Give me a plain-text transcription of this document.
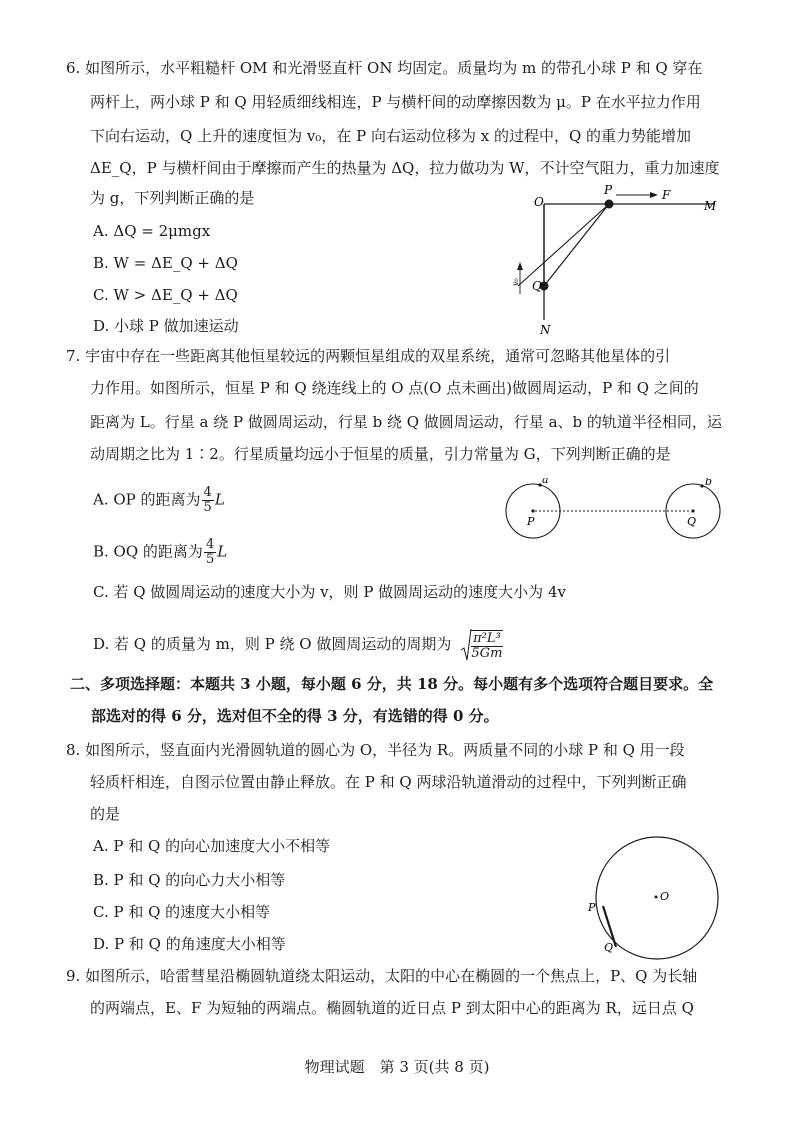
6. 如图所示，水平粗糙杆 OM 和光滑竖直杆 ON 均固定。质量均为 m 的带孔小球 P 和 Q 穿在
两杆上，两小球 P 和 Q 用轻质细线相连，P 与横杆间的动摩擦因数为 μ。P 在水平拉力作用
下向右运动，Q 上升的速度恒为 v₀，在 P 向右运动位移为 x 的过程中，Q 的重力势能增加
ΔE_Q，P 与横杆间由于摩擦而产生的热量为 ΔQ，拉力做功为 W，不计空气阻力，重力加速度
为 g，下列判断正确的是
A. ΔQ = 2μmgx
B. W = ΔE_Q + ΔQ
C. W > ΔE_Q + ΔQ
D. 小球 P 做加速运动
O
P	F
M
Q
N
v₀
7. 宇宙中存在一些距离其他恒星较远的两颗恒星组成的双星系统，通常可忽略其他星体的引
力作用。如图所示，恒星 P 和 Q 绕连线上的 O 点(O 点未画出)做圆周运动，P 和 Q 之间的
距离为 L。行星 a 绕 P 做圆周运动，行星 b 绕 Q 做圆周运动，行星 a、b 的轨道半径相同，运
动周期之比为 1∶2。行星质量均远小于恒星的质量，引力常量为 G，下列判断正确的是
A. OP 的距离为 $\frac{4}{5}$ L
B. OQ 的距离为 $\frac{4}{5}$ L
C. 若 Q 做圆周运动的速度大小为 v，则 P 做圆周运动的速度大小为 4v
D. 若 Q 的质量为 m，则 P 绕 O 做圆周运动的周期为 $\frac{\text{π²L³}}{5Gm}$
a	b
P	Q
二、多项选择题：本题共 3 小题，每小题 6 分，共 18 分。每小题有多个选项符合题目要求。全
部选对的得 6 分，选对但不全的得 3 分，有选错的得 0 分。
8. 如图所示，竖直面内光滑圆轨道的圆心为 O，半径为 R。两质量不同的小球 P 和 Q 用一段
轻质杆相连，自图示位置由静止释放。在 P 和 Q 两球沿轨道滑动的过程中，下列判断正确
的是
A. P 和 Q 的向心加速度大小不相等
B. P 和 Q 的向心力大小相等
C. P 和 Q 的速度大小相等
D. P 和 Q 的角速度大小相等
O
P
Q
9. 如图所示，哈雷彗星沿椭圆轨道绕太阳运动，太阳的中心在椭圆的一个焦点上，P、Q 为长轴
的两端点，E、F 为短轴的两端点。椭圆轨道的近日点 P 到太阳中心的距离为 R，远日点 Q
物理试题　第 3 页(共 8 页)
